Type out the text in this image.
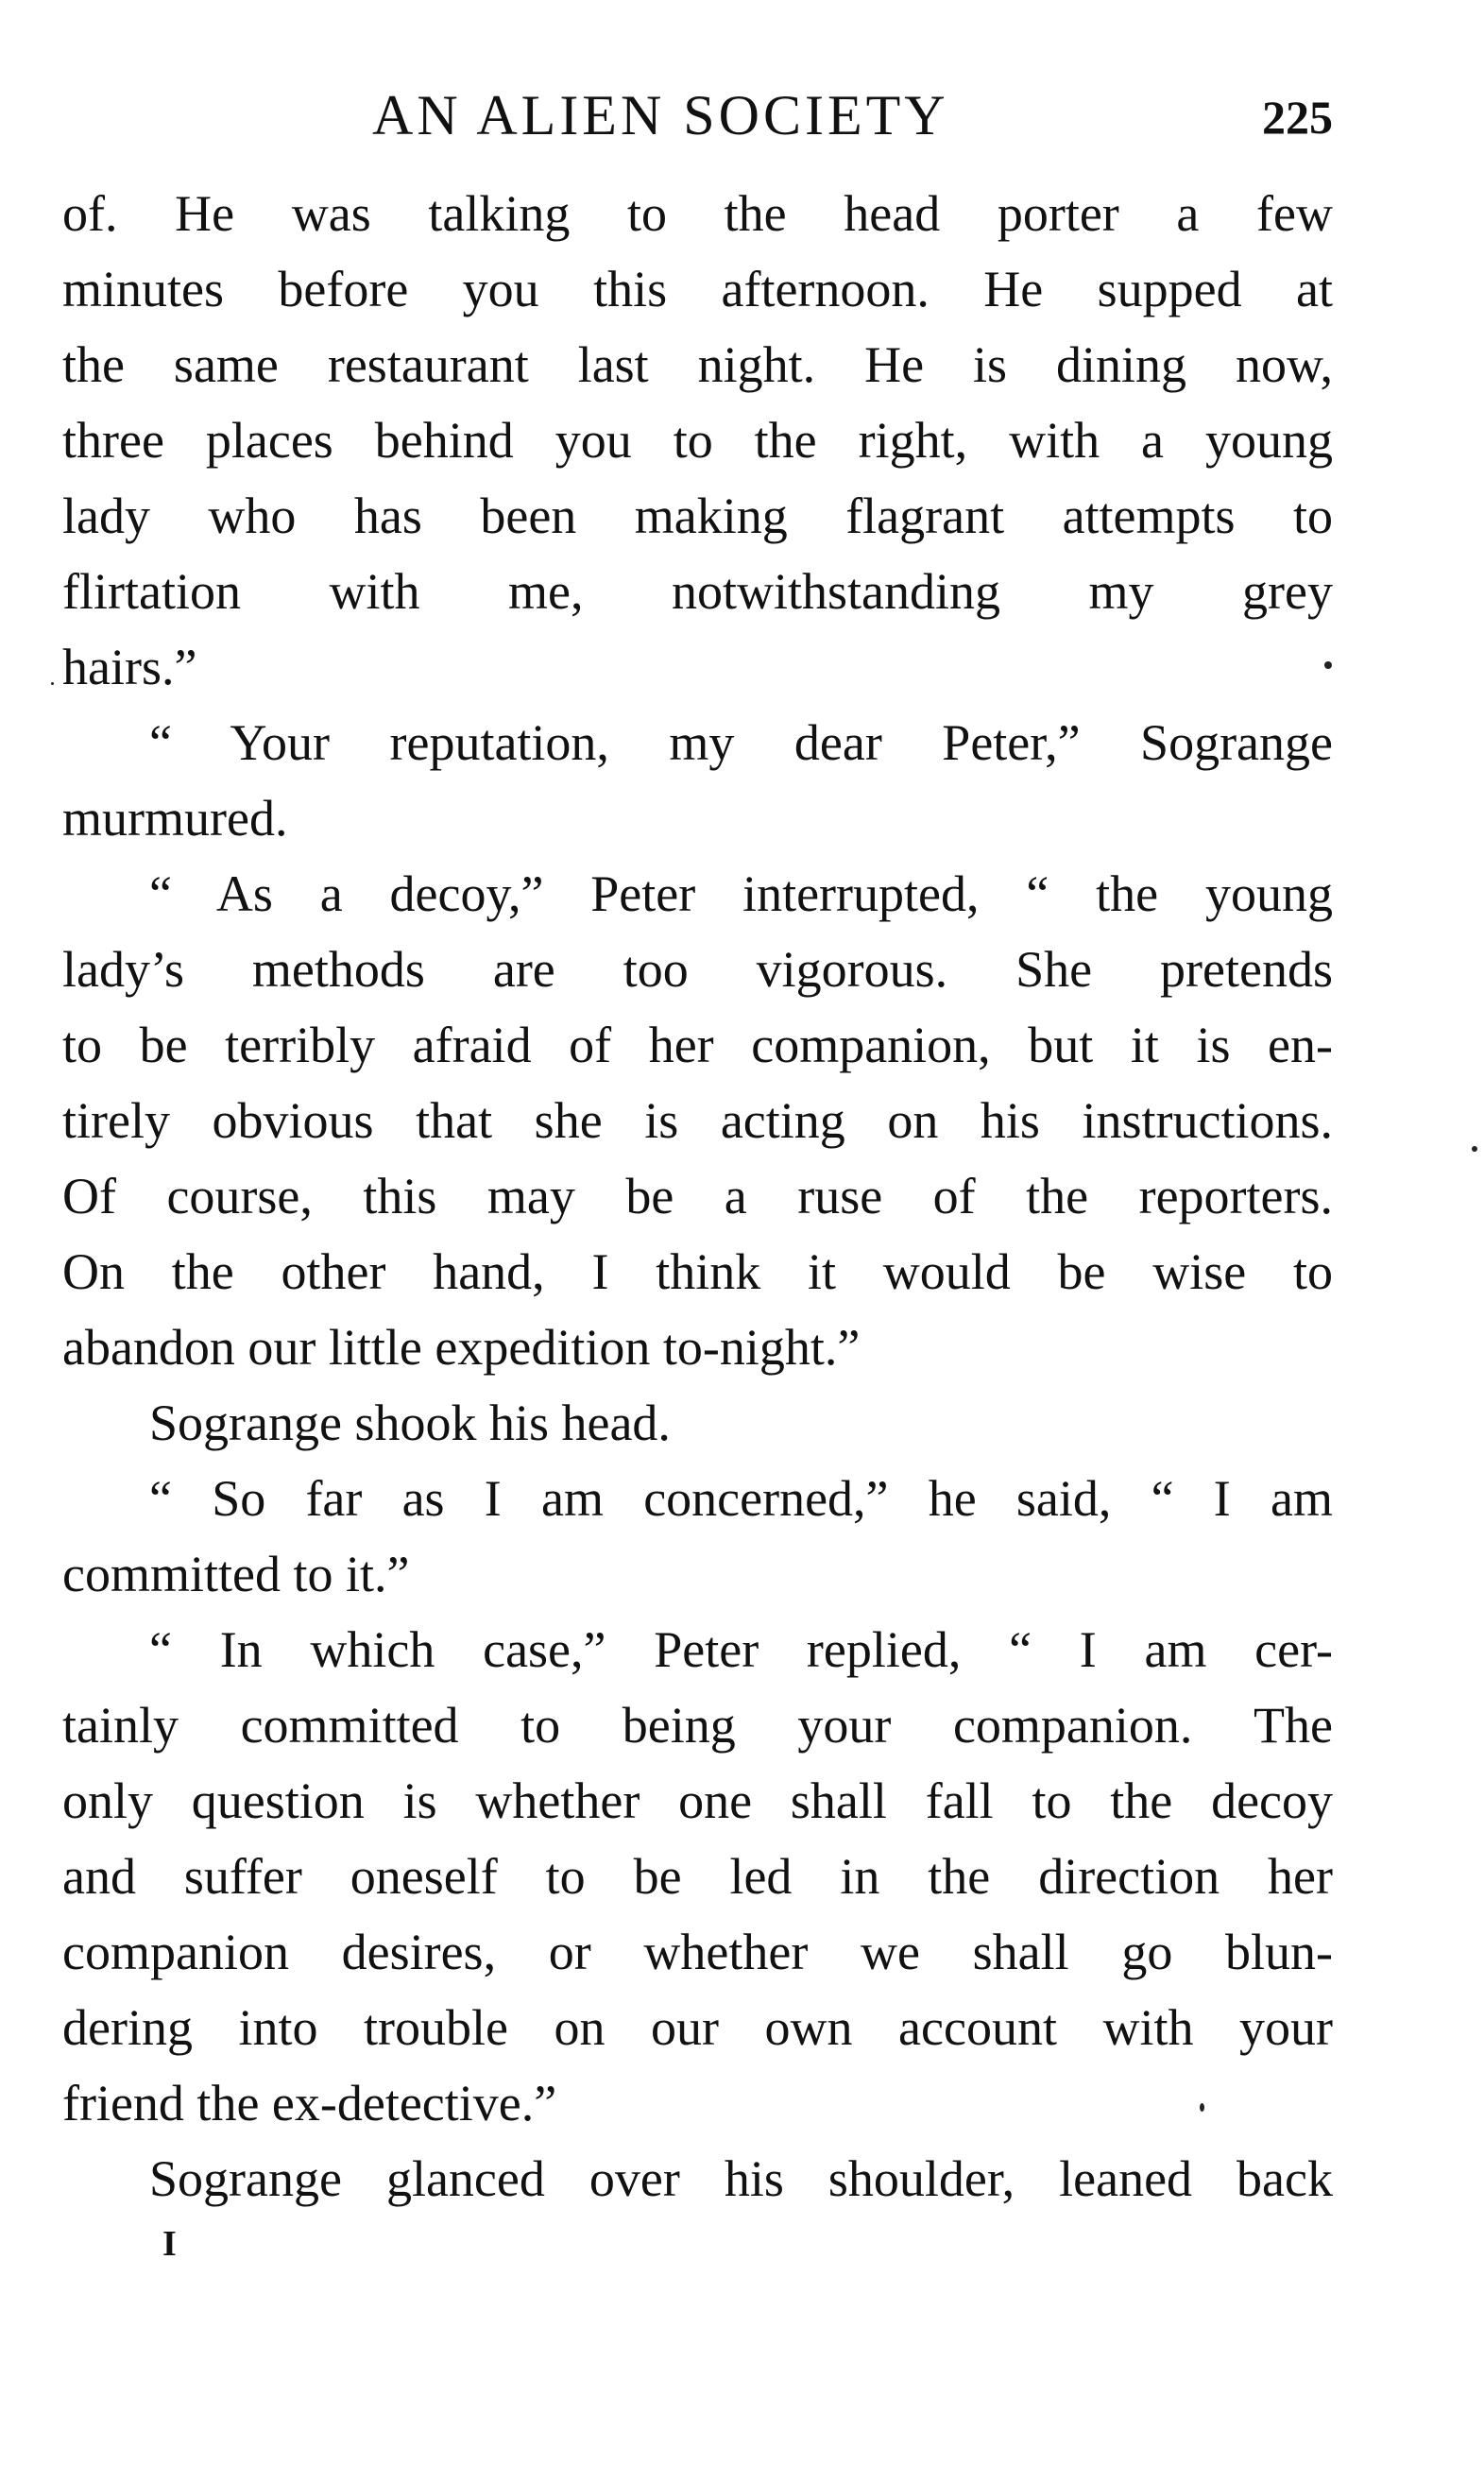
AN ALIEN SOCIETY	225
of. He was talking to the head porter a few
minutes before you this afternoon. He supped at
the same restaurant last night. He is dining now,
three places behind you to the right, with a young
lady who has been making flagrant attempts to
flirtation with me, notwithstanding my grey
hairs.”
“ Your reputation, my dear Peter,” Sogrange
murmured.
“ As a decoy,” Peter interrupted, “ the young
lady’s methods are too vigorous. She pretends
to be terribly afraid of her companion, but it is en-
tirely obvious that she is acting on his instructions.
Of course, this may be a ruse of the reporters.
On the other hand, I think it would be wise to
abandon our little expedition to-night.”
Sogrange shook his head.
“ So far as I am concerned,” he said, “ I am
committed to it.”
“ In which case,” Peter replied, “ I am cer-
tainly committed to being your companion. The
only question is whether one shall fall to the decoy
and suffer oneself to be led in the direction her
companion desires, or whether we shall go blun-
dering into trouble on our own account with your
friend the ex-detective.”
Sogrange glanced over his shoulder, leaned back
I
